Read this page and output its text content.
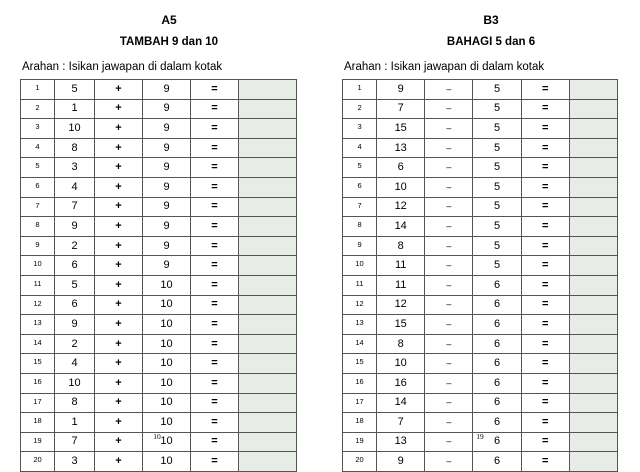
A5
TAMBAH 9 dan 10
Arahan : Isikan jawapan di dalam kotak
1	5	+	9	=	
2	1	+	9	=	
3	10	+	9	=	
4	8	+	9	=	
5	3	+	9	=	
6	4	+	9	=	
7	7	+	9	=	
8	9	+	9	=	
9	2	+	9	=	
10	6	+	9	=	
11	5	+	10	=	
12	6	+	10	=	
13	9	+	10	=	
14	2	+	10	=	
15	4	+	10	=	
16	10	+	10	=	
17	8	+	10	=	
18	1	+	10	=	
19	7	+	10	=	
20	3	+	10	=	
10
B3
BAHAGI 5 dan 6
Arahan : Isikan jawapan di dalam kotak
1	9	–	5	=	
2	7	–	5	=	
3	15	–	5	=	
4	13	–	5	=	
5	6	–	5	=	
6	10	–	5	=	
7	12	–	5	=	
8	14	–	5	=	
9	8	–	5	=	
10	11	–	5	=	
11	11	–	6	=	
12	12	–	6	=	
13	15	–	6	=	
14	8	–	6	=	
15	10	–	6	=	
16	16	–	6	=	
17	14	–	6	=	
18	7	–	6	=	
19	13	–	6	=	
20	9	–	6	=	
19
